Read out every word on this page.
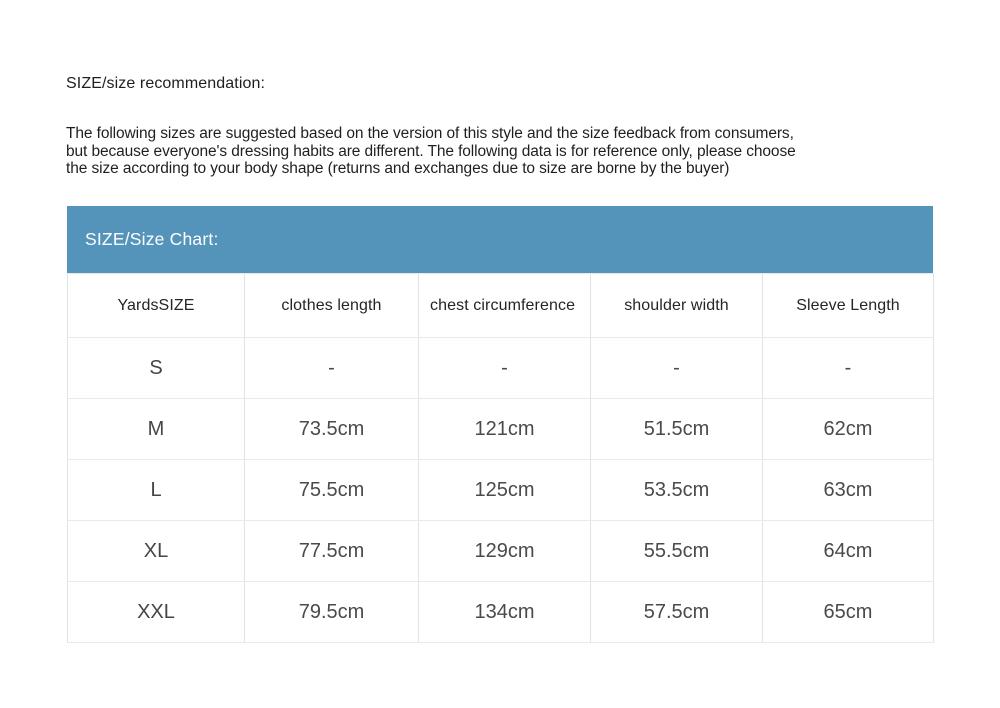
SIZE/size recommendation:
The following sizes are suggested based on the version of this style and the size feedback from consumers,
but because everyone's dressing habits are different. The following data is for reference only, please choose
the size according to your body shape (returns and exchanges due to size are borne by the buyer)
SIZE/Size Chart:
YardsSIZE	clothes length	chest circumference	shoulder width	Sleeve Length
S	-	-	-	-
M	73.5cm	121cm	51.5cm	62cm
L	75.5cm	125cm	53.5cm	63cm
XL	77.5cm	129cm	55.5cm	64cm
XXL	79.5cm	134cm	57.5cm	65cm
